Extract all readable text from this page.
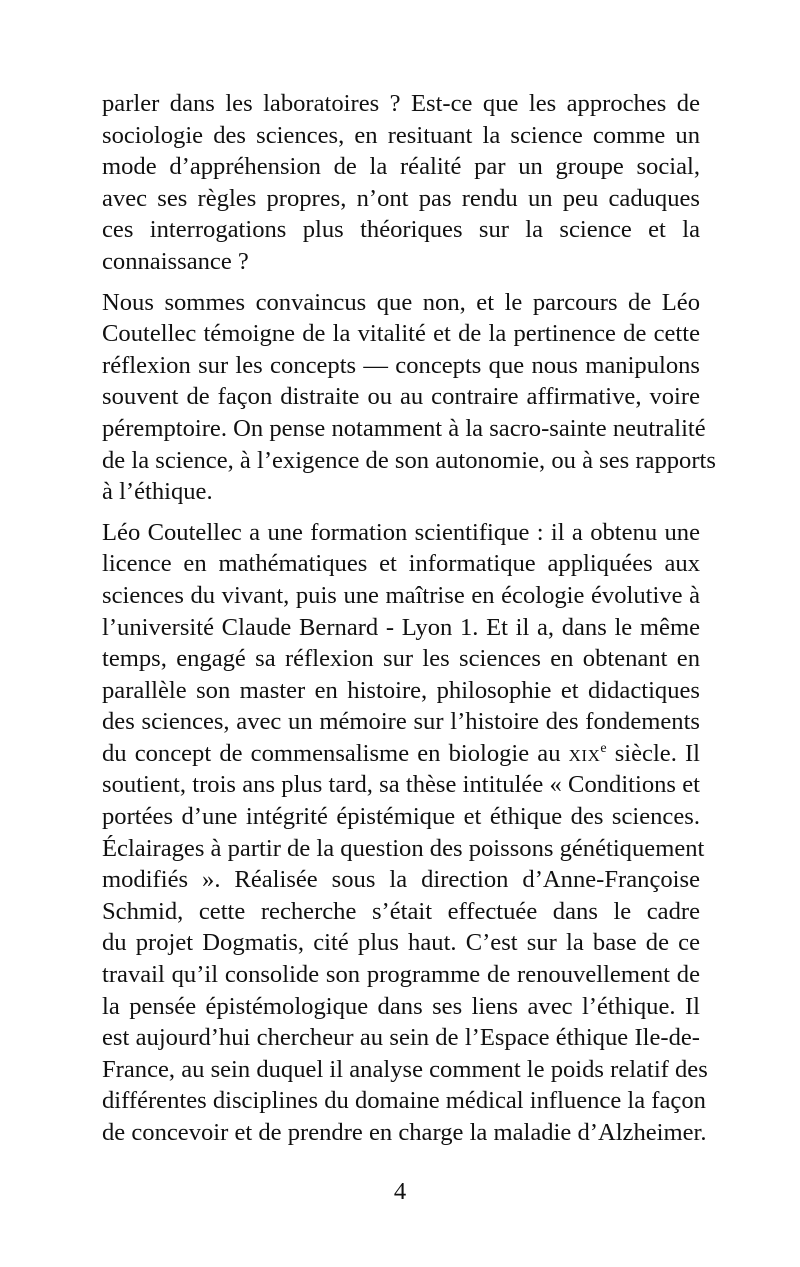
parler dans les laboratoires ? Est-ce que les approches de
sociologie des sciences, en resituant la science comme un
mode d’appréhension de la réalité par un groupe social,
avec ses règles propres, n’ont pas rendu un peu caduques
ces interrogations plus théoriques sur la science et la
connaissance ?

Nous sommes convaincus que non, et le parcours de Léo
Coutellec témoigne de la vitalité et de la pertinence de cette
réflexion sur les concepts — concepts que nous manipulons
souvent de façon distraite ou au contraire affirmative, voire
péremptoire. On pense notamment à la sacro-sainte neutralité
de la science, à l’exigence de son autonomie, ou à ses rapports
à l’éthique.

Léo Coutellec a une formation scientifique : il a obtenu une
licence en mathématiques et informatique appliquées aux
sciences du vivant, puis une maîtrise en écologie évolutive à
l’université Claude Bernard - Lyon 1. Et il a, dans le même
temps, engagé sa réflexion sur les sciences en obtenant en
parallèle son master en histoire, philosophie et didactiques
des sciences, avec un mémoire sur l’histoire des fondements
du concept de commensalisme en biologie au xix$^e$ siècle. Il
soutient, trois ans plus tard, sa thèse intitulée « Conditions et
portées d’une intégrité épistémique et éthique des sciences.
Éclairages à partir de la question des poissons génétiquement
modifiés ». Réalisée sous la direction d’Anne-Françoise
Schmid, cette recherche s’était effectuée dans le cadre
du projet Dogmatis, cité plus haut. C’est sur la base de ce
travail qu’il consolide son programme de renouvellement de
la pensée épistémologique dans ses liens avec l’éthique. Il
est aujourd’hui chercheur au sein de l’Espace éthique Ile-de-
France, au sein duquel il analyse comment le poids relatif des
différentes disciplines du domaine médical influence la façon
de concevoir et de prendre en charge la maladie d’Alzheimer.

4
